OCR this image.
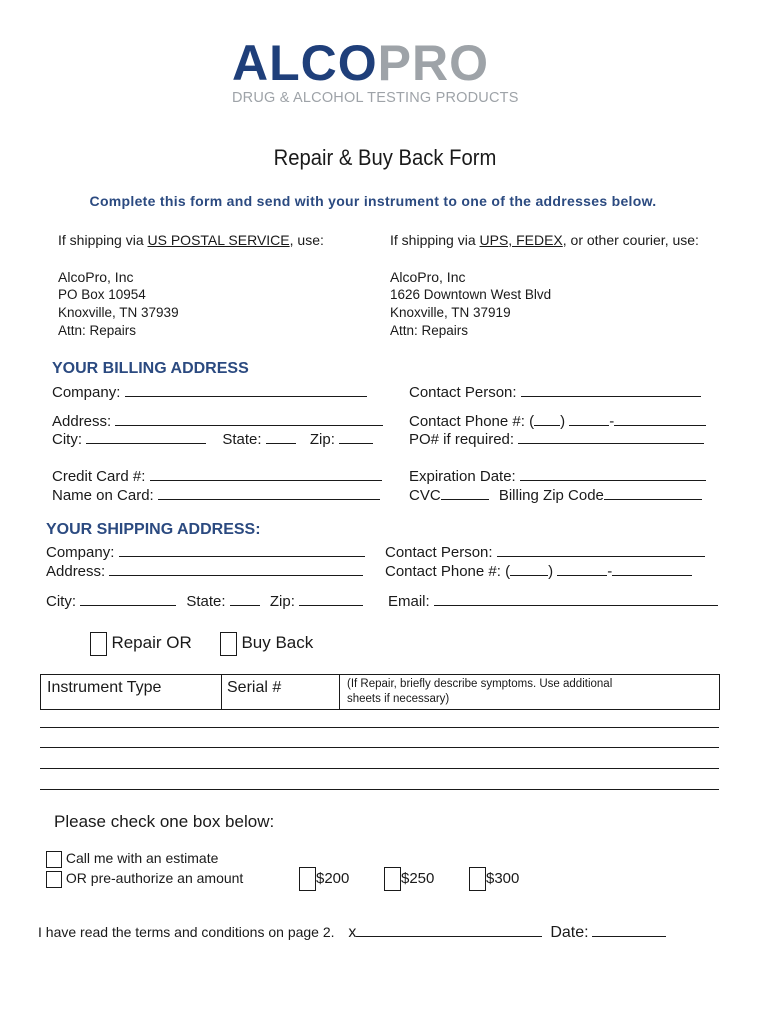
ALCOPRO
DRUG & ALCOHOL TESTING PRODUCTS
Repair & Buy Back Form
Complete this form and send with your instrument to one of the addresses below.
If shipping via US POSTAL SERVICE, use:
AlcoPro, Inc
PO Box 10954
Knoxville, TN 37939
Attn: Repairs
If shipping via UPS, FEDEX, or other courier, use:
AlcoPro, Inc
1626 Downtown West Blvd
Knoxville, TN 37919
Attn: Repairs
YOUR BILLING ADDRESS
Company:	Contact Person:
Address:	Contact Phone #: ( )	-
City:	State:	Zip:	PO# if required:
Credit Card #:	Expiration Date:
Name on Card:	CVC	Billing Zip Code
YOUR SHIPPING ADDRESS:
Company:	Contact Person:
Address:	Contact Phone #: (	)	-
City:	State:	Zip:	Email:
Repair OR	Buy Back
Instrument Type	Serial #	(If Repair, briefly describe symptoms. Use additional
sheets if necessary)
Please check one box below:
Call me with an estimate
OR pre-authorize an amount	$200	$250	$300
I have read the terms and conditions on page 2. x	Date:
